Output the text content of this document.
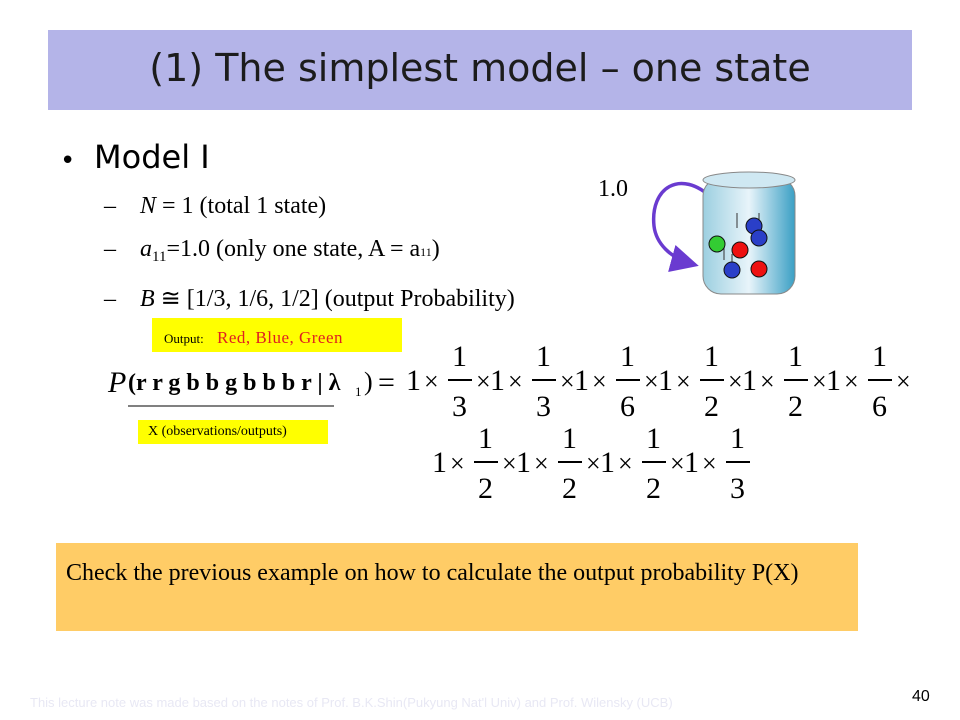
(1) The simplest model – one state
• Model I
– N = 1 (total 1 state)
– $a_{11}=1.0$ (only one state, A = a11)
– B ≅ [1/3, 1/6, 1/2] (output Probability)
1.0
Output: Red, Blue, Green
P (r r g b b g b b b r | λ 1 ) = 1 ×
1
3
× 1 ×
1
3
× 1 ×
1
6
× 1 ×
1
2
× 1 ×
1
2
× 1 ×
1
6
×
1 ×
1
2
× 1 ×
1
2
× 1 ×
1
2
× 1 ×
1
3
X (observations/outputs)
Check the previous example on how to calculate the output probability P(X)
This lecture note was made based on the notes of Prof. B.K.Shin(Pukyung Nat'l Univ) and Prof. Wilensky (UCB)	40
